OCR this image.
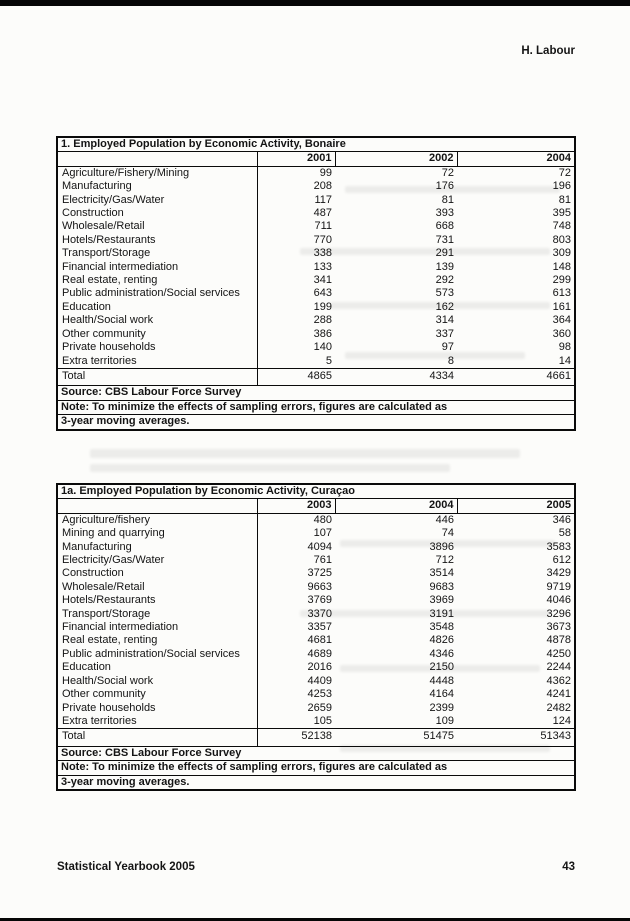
H. Labour
1. Employed Population by Economic Activity, Bonaire			
	2001	2002	2004
Agriculture/Fishery/Mining	99	72	72
Manufacturing	208	176	196
Electricity/Gas/Water	117	81	81
Construction	487	393	395
Wholesale/Retail	711	668	748
Hotels/Restaurants	770	731	803
Transport/Storage	338	291	309
Financial intermediation	133	139	148
Real estate, renting	341	292	299
Public administration/Social services	643	573	613
Education	199	162	161
Health/Social work	288	314	364
Other community	386	337	360
Private households	140	97	98
Extra territories	5	8	14
Total	4865	4334	4661
Source: CBS Labour Force Survey			
Note: To minimize the effects of sampling errors, figures are calculated as			
3-year moving averages.			
1a. Employed Population by Economic Activity, Curaçao			
	2003	2004	2005
Agriculture/fishery	480	446	346
Mining and quarrying	107	74	58
Manufacturing	4094	3896	3583
Electricity/Gas/Water	761	712	612
Construction	3725	3514	3429
Wholesale/Retail	9663	9683	9719
Hotels/Restaurants	3769	3969	4046
Transport/Storage	3370	3191	3296
Financial intermediation	3357	3548	3673
Real estate, renting	4681	4826	4878
Public administration/Social services	4689	4346	4250
Education	2016	2150	2244
Health/Social work	4409	4448	4362
Other community	4253	4164	4241
Private households	2659	2399	2482
Extra territories	105	109	124
Total	52138	51475	51343
Source: CBS Labour Force Survey			
Note: To minimize the effects of sampling errors, figures are calculated as			
3-year moving averages.			
Statistical Yearbook 2005	43
